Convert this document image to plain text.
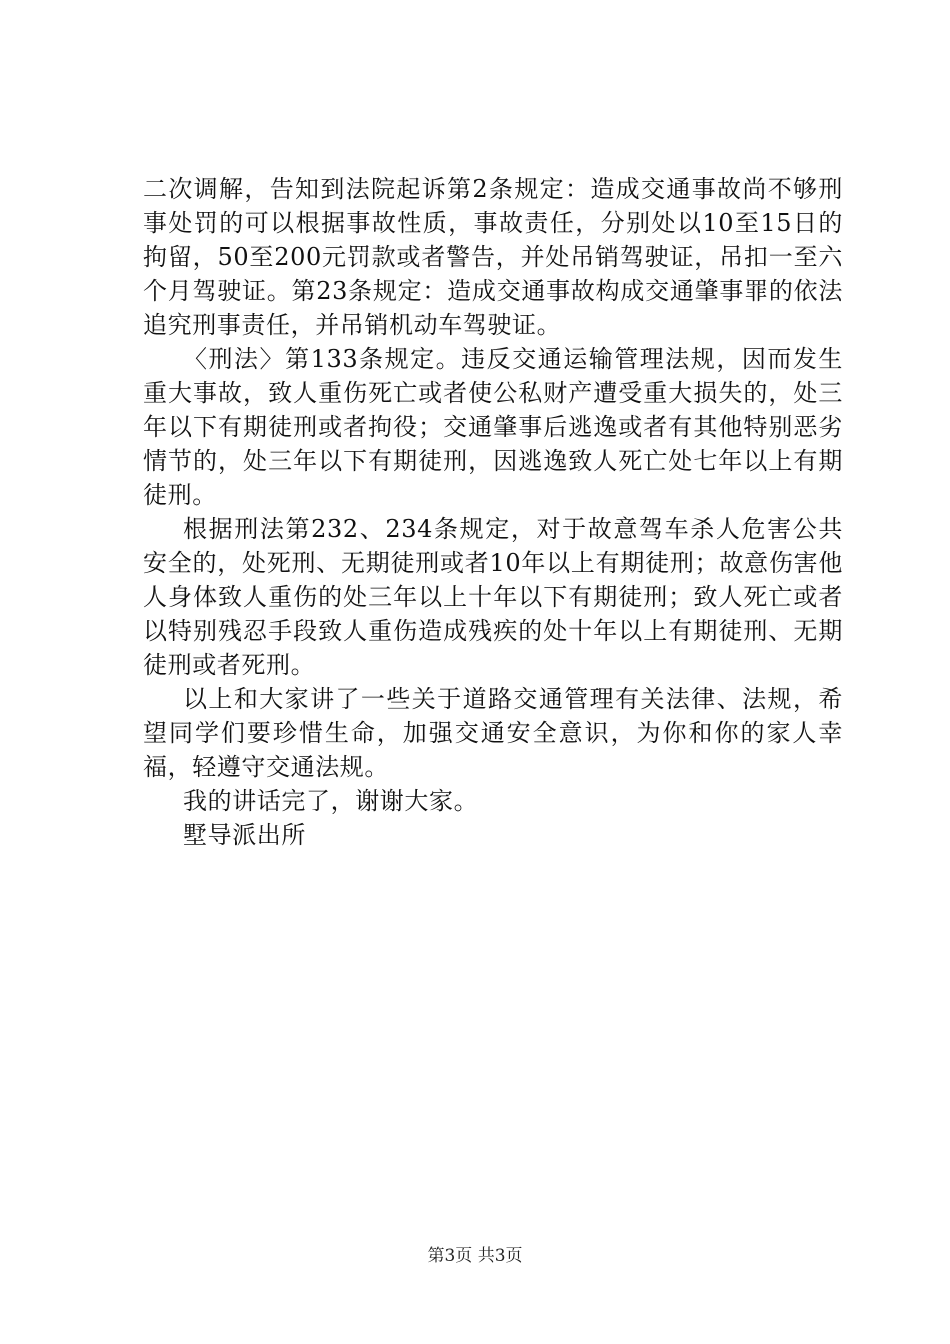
二次调解，告知到法院起诉第2条规定：造成交通事故尚不够刑事处罚的可以根据事故性质，事故责任，分别处以10至15日的拘留，50至200元罚款或者警告，并处吊销驾驶证，吊扣一至六个月驾驶证。第23条规定：造成交通事故构成交通肇事罪的依法追究刑事责任，并吊销机动车驾驶证。

〈刑法〉第133条规定。违反交通运输管理法规，因而发生重大事故，致人重伤死亡或者使公私财产遭受重大损失的，处三年以下有期徒刑或者拘役；交通肇事后逃逸或者有其他特别恶劣情节的，处三年以下有期徒刑，因逃逸致人死亡处七年以上有期徒刑。

根据刑法第232、234条规定，对于故意驾车杀人危害公共安全的，处死刑、无期徒刑或者10年以上有期徒刑；故意伤害他人身体致人重伤的处三年以上十年以下有期徒刑；致人死亡或者以特别残忍手段致人重伤造成残疾的处十年以上有期徒刑、无期徒刑或者死刑。

以上和大家讲了一些关于道路交通管理有关法律、法规，希望同学们要珍惜生命，加强交通安全意识，为你和你的家人幸福，轻遵守交通法规。

我的讲话完了，谢谢大家。

墅导派出所

第3页 共3页
